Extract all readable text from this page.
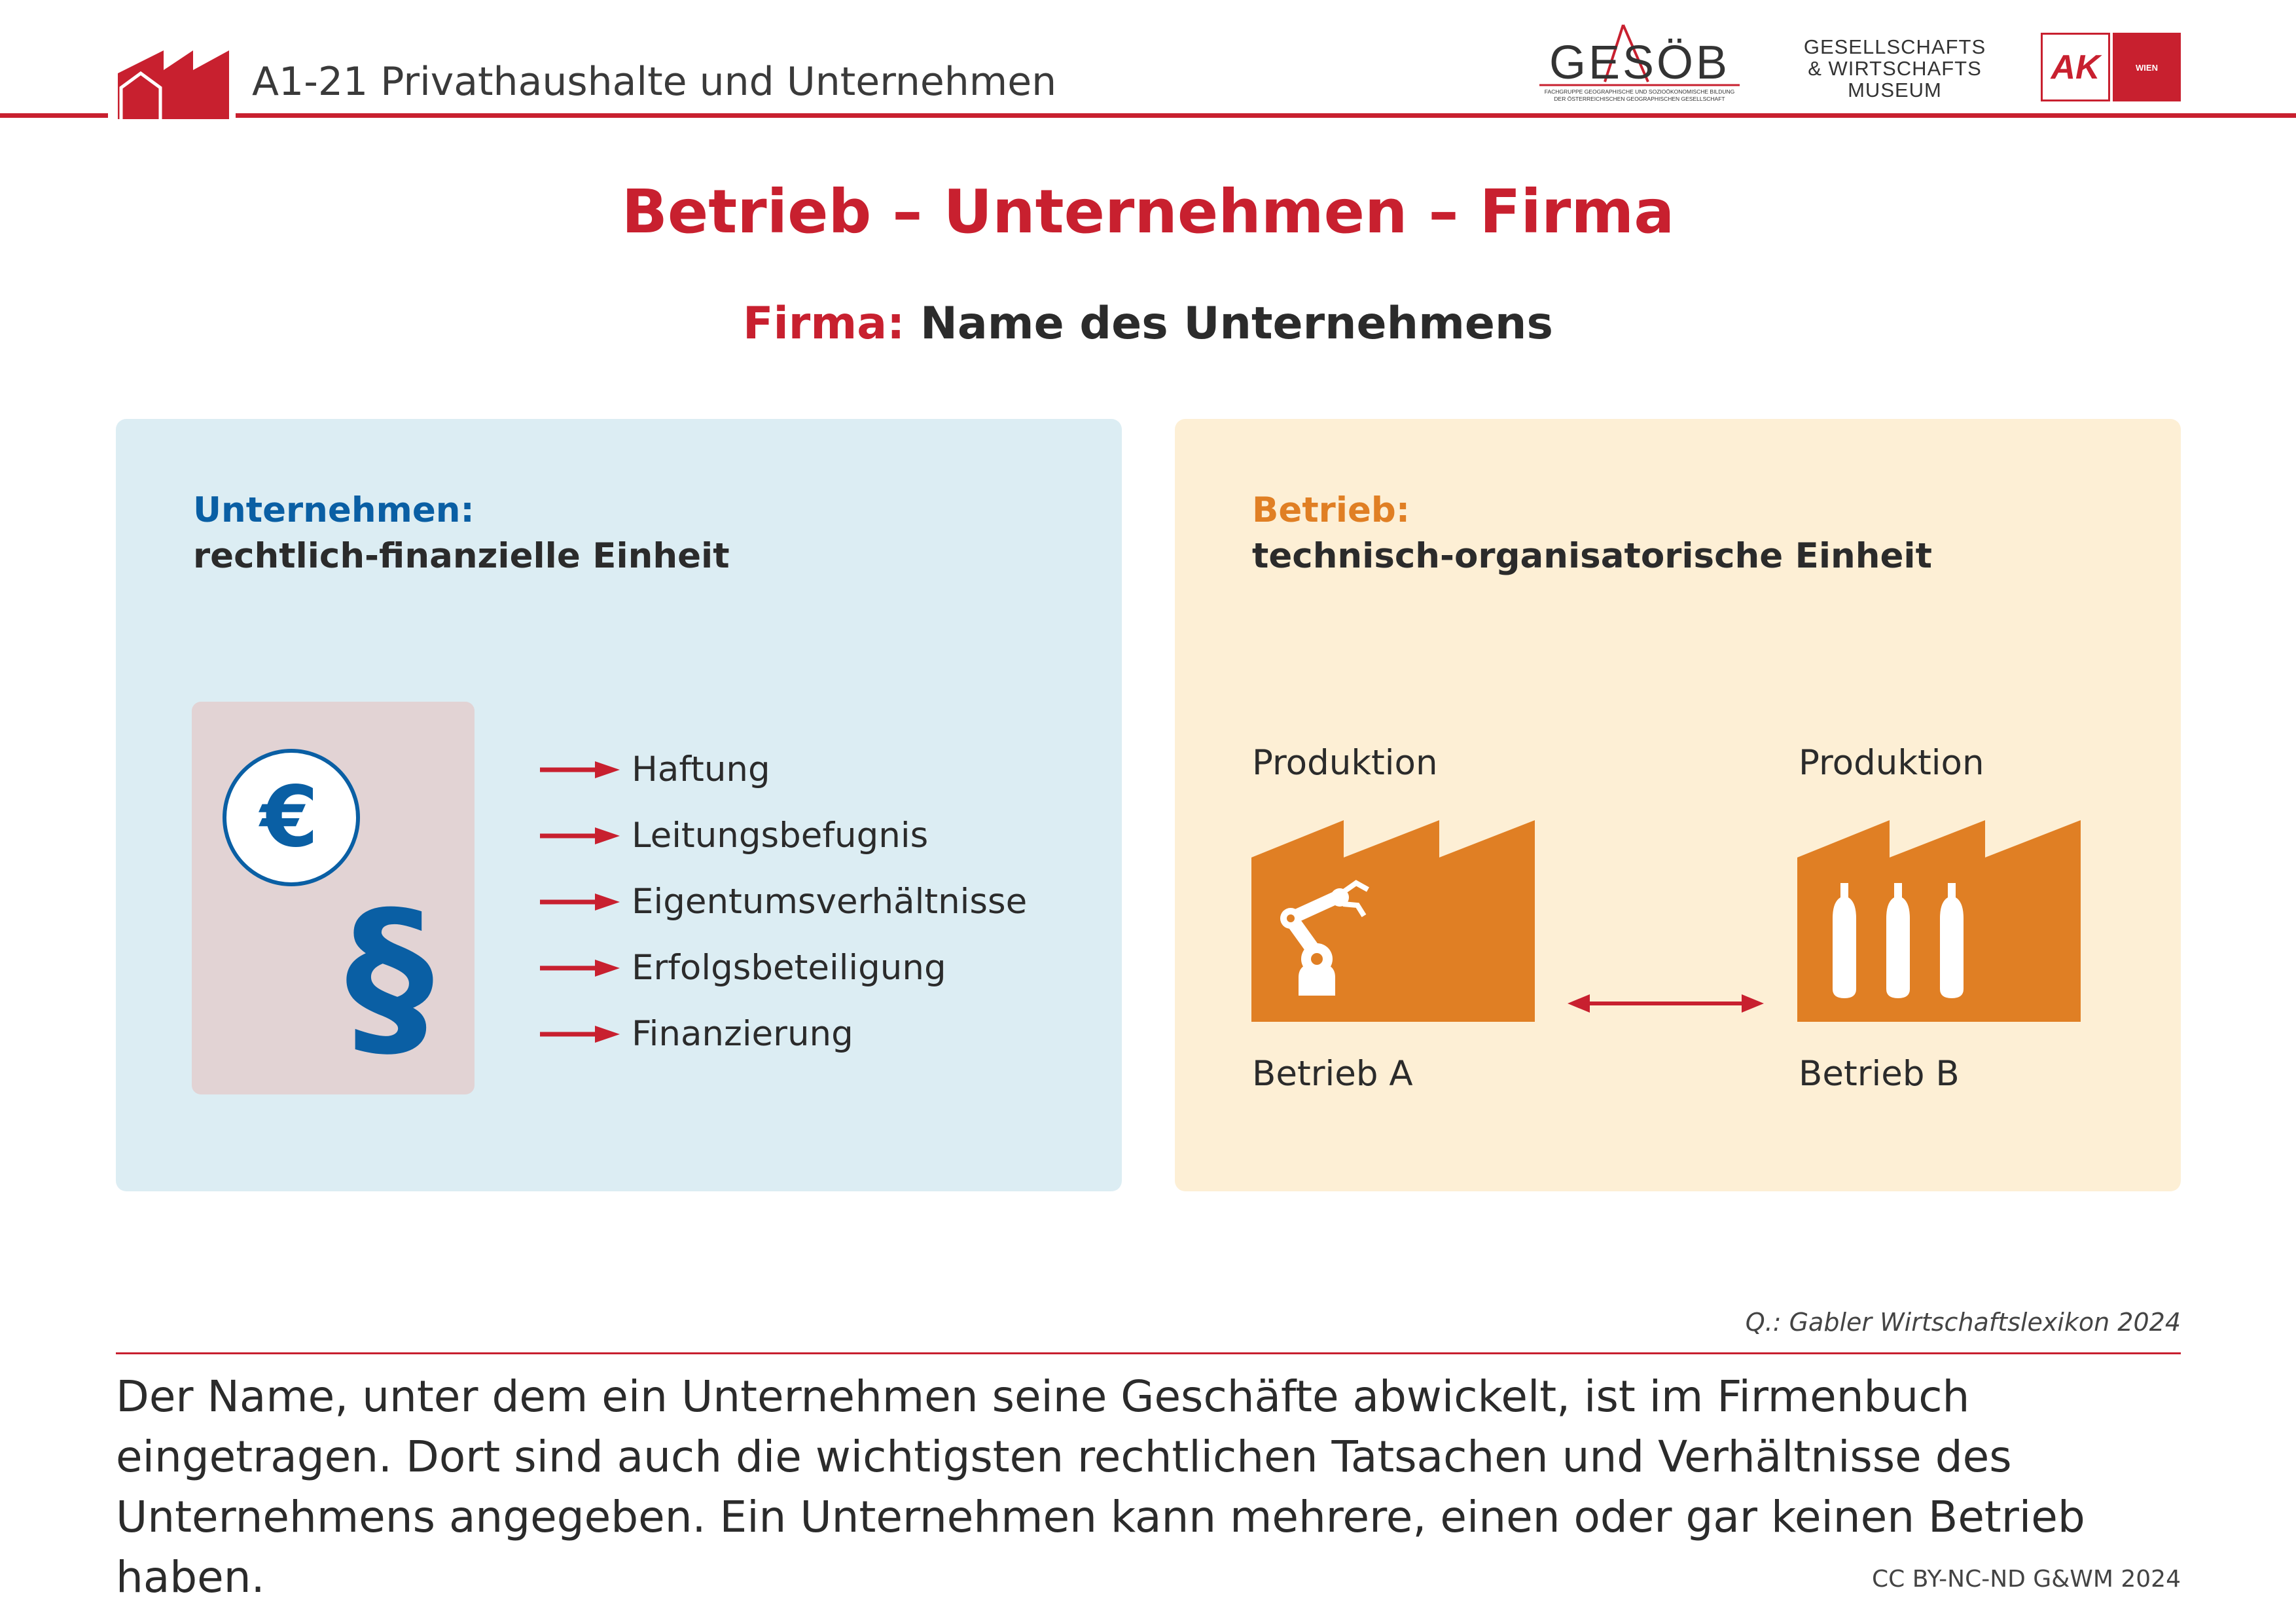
A1-21 Privathaushalte und Unternehmen	GESÖB
FACHGRUPPE GEOGRAPHISCHE UND SOZIOÖKONOMISCHE BILDUNG
DER ÖSTERREICHISCHEN GEOGRAPHISCHEN GESELLSCHAFT
GESELLSCHAFTS
& WIRTSCHAFTS
MUSEUM
AK	WIEN
Betrieb – Unternehmen – Firma
Firma: Name des Unternehmens
Unternehmen:
rechtlich-finanzielle Einheit
€
§
Haftung
Leitungsbefugnis
Eigentumsverhältnisse
Erfolgsbeteiligung
Finanzierung
Betrieb:
technisch-organisatorische Einheit
Produktion	Produktion
Betrieb A	Betrieb B
Q.: Gabler Wirtschaftslexikon 2024
Der Name, unter dem ein Unternehmen seine Geschäfte abwickelt, ist im Firmenbuch eingetragen. Dort sind auch die wichtigsten rechtlichen Tatsachen und Verhältnisse des Unternehmens angegeben. Ein Unternehmen kann mehrere, einen oder gar keinen Betrieb haben.	CC BY-NC-ND G&WM 2024
